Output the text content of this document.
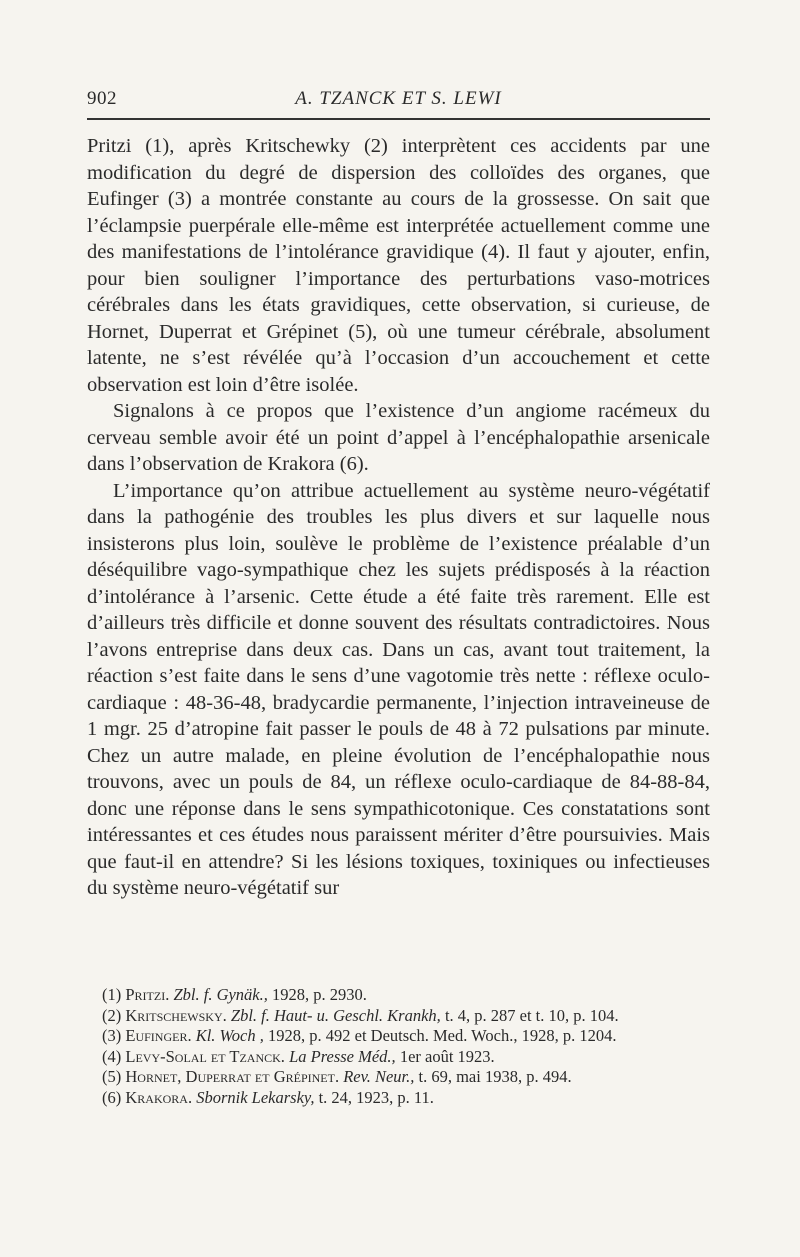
902	A. TZANCK ET S. LEWI

Pritzi (1), après Kritschewky (2) interprètent ces accidents par une modification du degré de dispersion des colloïdes des organes, que Eufinger (3) a montrée constante au cours de la grossesse. On sait que l’éclampsie puerpérale elle-même est interprétée actuellement comme une des manifestations de l’intolérance gravidique (4). Il faut y ajouter, enfin, pour bien souligner l’importance des perturbations vaso-motrices cérébrales dans les états gravidiques, cette observation, si curieuse, de Hornet, Duperrat et Grépinet (5), où une tumeur cérébrale, absolument latente, ne s’est révélée qu’à l’occasion d’un accouchement et cette observation est loin d’être isolée.

Signalons à ce propos que l’existence d’un angiome racémeux du cerveau semble avoir été un point d’appel à l’encéphalopathie arsenicale dans l’observation de Krakora (6).

L’importance qu’on attribue actuellement au système neuro-végétatif dans la pathogénie des troubles les plus divers et sur laquelle nous insisterons plus loin, soulève le problème de l’existence préalable d’un déséquilibre vago-sympathique chez les sujets prédisposés à la réaction d’intolérance à l’arsenic. Cette étude a été faite très rarement. Elle est d’ailleurs très difficile et donne souvent des résultats contradictoires. Nous l’avons entreprise dans deux cas. Dans un cas, avant tout traitement, la réaction s’est faite dans le sens d’une vagotomie très nette : réflexe oculo-cardiaque : 48-36-48, bradycardie permanente, l’injection intraveineuse de 1 mgr. 25 d’atropine fait passer le pouls de 48 à 72 pulsations par minute. Chez un autre malade, en pleine évolution de l’encéphalopathie nous trouvons, avec un pouls de 84, un réflexe oculo-cardiaque de 84-88-84, donc une réponse dans le sens sympathicotonique. Ces constatations sont intéressantes et ces études nous paraissent mériter d’être poursuivies. Mais que faut-il en attendre? Si les lésions toxiques, toxiniques ou infectieuses du système neuro-végétatif sur

(1) Pritzi. Zbl. f. Gynäk., 1928, p. 2930.

(2) Kritschewsky. Zbl. f. Haut- u. Geschl. Krankh, t. 4, p. 287 et t. 10, p. 104.

(3) Eufinger. Kl. Woch , 1928, p. 492 et Deutsch. Med. Woch., 1928, p. 1204.

(4) Levy-Solal et Tzanck. La Presse Méd., 1er août 1923.

(5) Hornet, Duperrat et Grépinet. Rev. Neur., t. 69, mai 1938, p. 494.

(6) Krakora. Sbornik Lekarsky, t. 24, 1923, p. 11.
